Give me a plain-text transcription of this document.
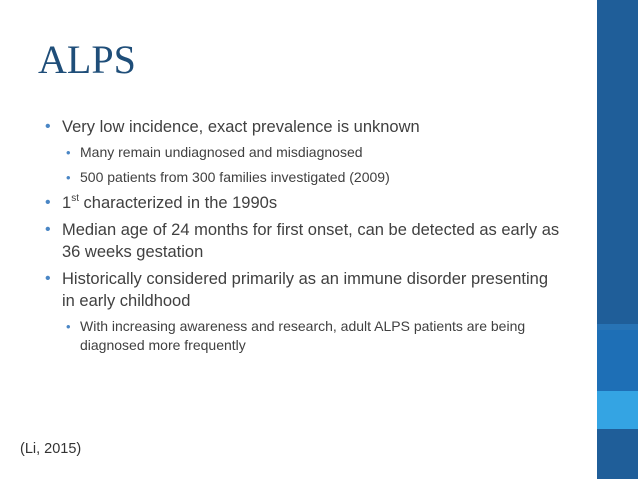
ALPS
• Very low incidence, exact prevalence is unknown
• Many remain undiagnosed and misdiagnosed
• 500 patients from 300 families investigated (2009)
• 1st characterized in the 1990s
• Median age of 24 months for first onset, can be detected as early as 36 weeks gestation
• Historically considered primarily as an immune disorder presenting in early childhood
• With increasing awareness and research, adult ALPS patients are being diagnosed more frequently

(Li, 2015)
